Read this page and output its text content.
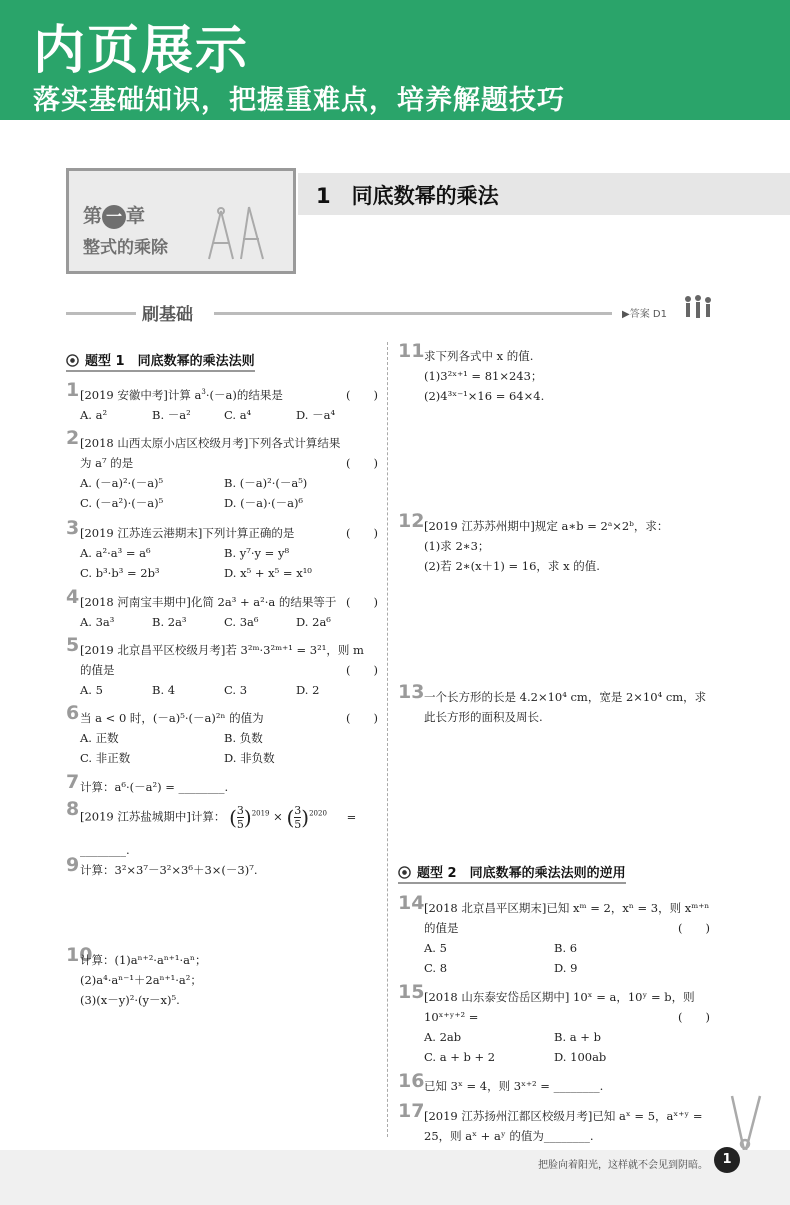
内页展示
落实基础知识，把握重难点，培养解题技巧
第 一 章
整式的乘除
1　同底数幂的乘法
刷基础	▶答案 D1
题型 1　同底数幂的乘法法则
1 [2019 安徽中考]计算 $a^3\cdot(-a)$的结果是	(　　)
A. a²	B. －a²	C. a⁴	D. －a⁴
2 [2018 山西太原小店区校级月考]下列各式计算结果
为 a⁷ 的是	(　　)
A. (－a)²·(－a)⁵	B. (－a)²·(－a⁵)
C. (－a²)·(－a)⁵	D. (－a)·(－a)⁶
3 [2019 江苏连云港期末]下列计算正确的是	(　　)
A. a²·a³ = a⁶	B. y⁷·y = y⁸
C. b³·b³ = 2b³	D. x⁵ + x⁵ = x¹⁰
4 [2018 河南宝丰期中]化简 2a³ + a²·a 的结果等于 (　　)
A. 3a³	B. 2a³	C. 3a⁶	D. 2a⁶
5 [2019 北京昌平区校级月考]若 3²ᵐ·3²ᵐ⁺¹ = 3²¹，则 m
的值是	(　　)
A. 5	B. 4	C. 3	D. 2
6 当 a < 0 时，(－a)⁵·(－a)²ⁿ 的值为	(　　)
A. 正数	B. 负数
C. 非正数	D. 非负数
7 计算：a⁶·(－a²) = ________.
8 [2019 江苏盐城期中]计算： ( $\frac{3}{5} )^{2019}$ × ( $\frac{3}{5} )^{2020}$ =
________.
9 计算：3²×3⁷－3²×3⁶＋3×(－3)⁷.
10
计算：(1)aⁿ⁺²·aⁿ⁺¹·aⁿ；
(2)a⁴·aⁿ⁻¹＋2aⁿ⁺¹·a²；
(3)(x－y)²·(y－x)⁵.
11 求下列各式中 x 的值.
(1)3²ˣ⁺¹ = 81×243；
(2)4³ˣ⁻¹×16 = 64×4.
12 [2019 江苏苏州期中]规定 a∗b = 2ᵃ×2ᵇ，求：
(1)求 2∗3；
(2)若 2∗(x＋1) = 16，求 x 的值.
13 一个长方形的长是 4.2×10⁴ cm，宽是 2×10⁴ cm，求
此长方形的面积及周长.
题型 2　同底数幂的乘法法则的逆用
14 [2018 北京昌平区期末]已知 xᵐ = 2，xⁿ = 3，则 xᵐ⁺ⁿ
的值是	(　　)
A. 5	B. 6
C. 8	D. 9
15 [2018 山东泰安岱岳区期中] 10ˣ = a，10ʸ = b，则
10ˣ⁺ʸ⁺² =	(　　)
A. 2ab	B. a + b
C. a + b + 2	D. 100ab
16 已知 3ˣ = 4，则 3ˣ⁺² = ________.
17 [2019 江苏扬州江都区校级月考]已知 aˣ = 5，aˣ⁺ʸ =
25，则 aˣ + aʸ 的值为________.
把脸向着阳光，这样就不会见到阴暗。	1
